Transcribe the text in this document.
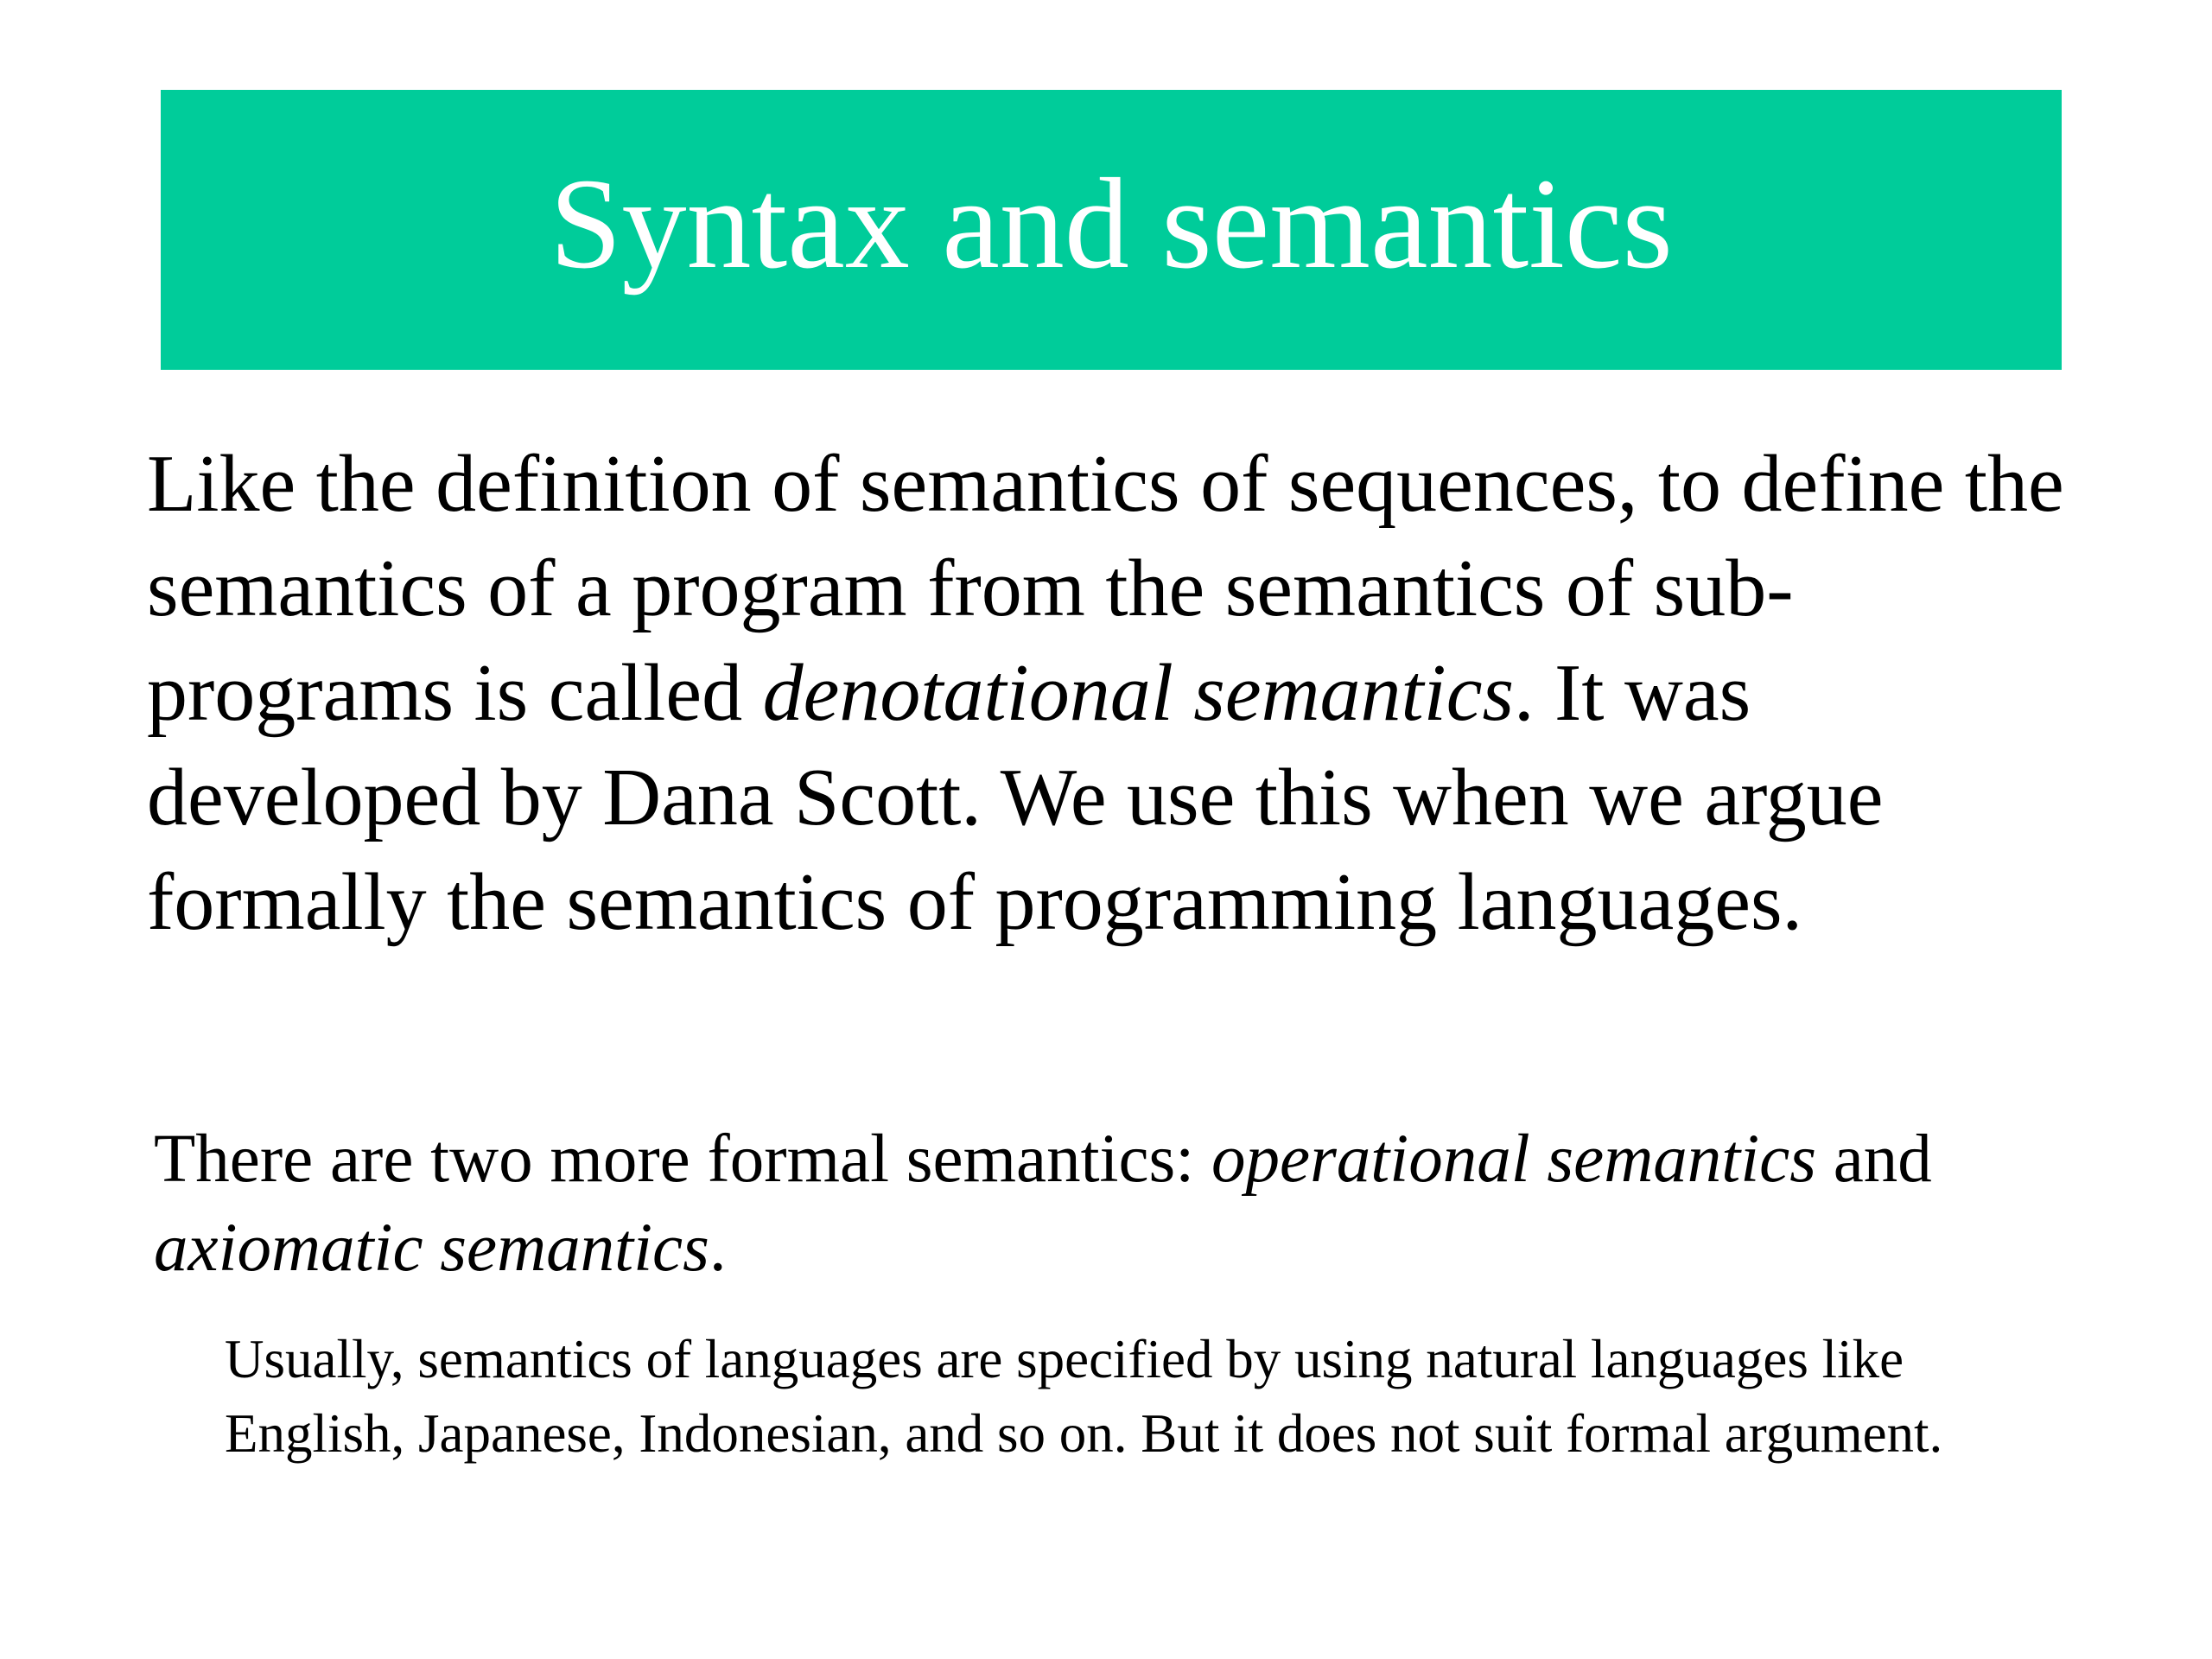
Syntax and semantics

Like the definition of semantics of sequences, to define the semantics of a program from the semantics of sub-programs is called denotational semantics. It was developed by Dana Scott. We use this when we argue formally the semantics of programming languages.

There are two more formal semantics: operational semantics and axiomatic semantics.

Usually, semantics of languages are specified by using natural languages like English, Japanese, Indonesian, and so on. But it does not suit formal argument.
